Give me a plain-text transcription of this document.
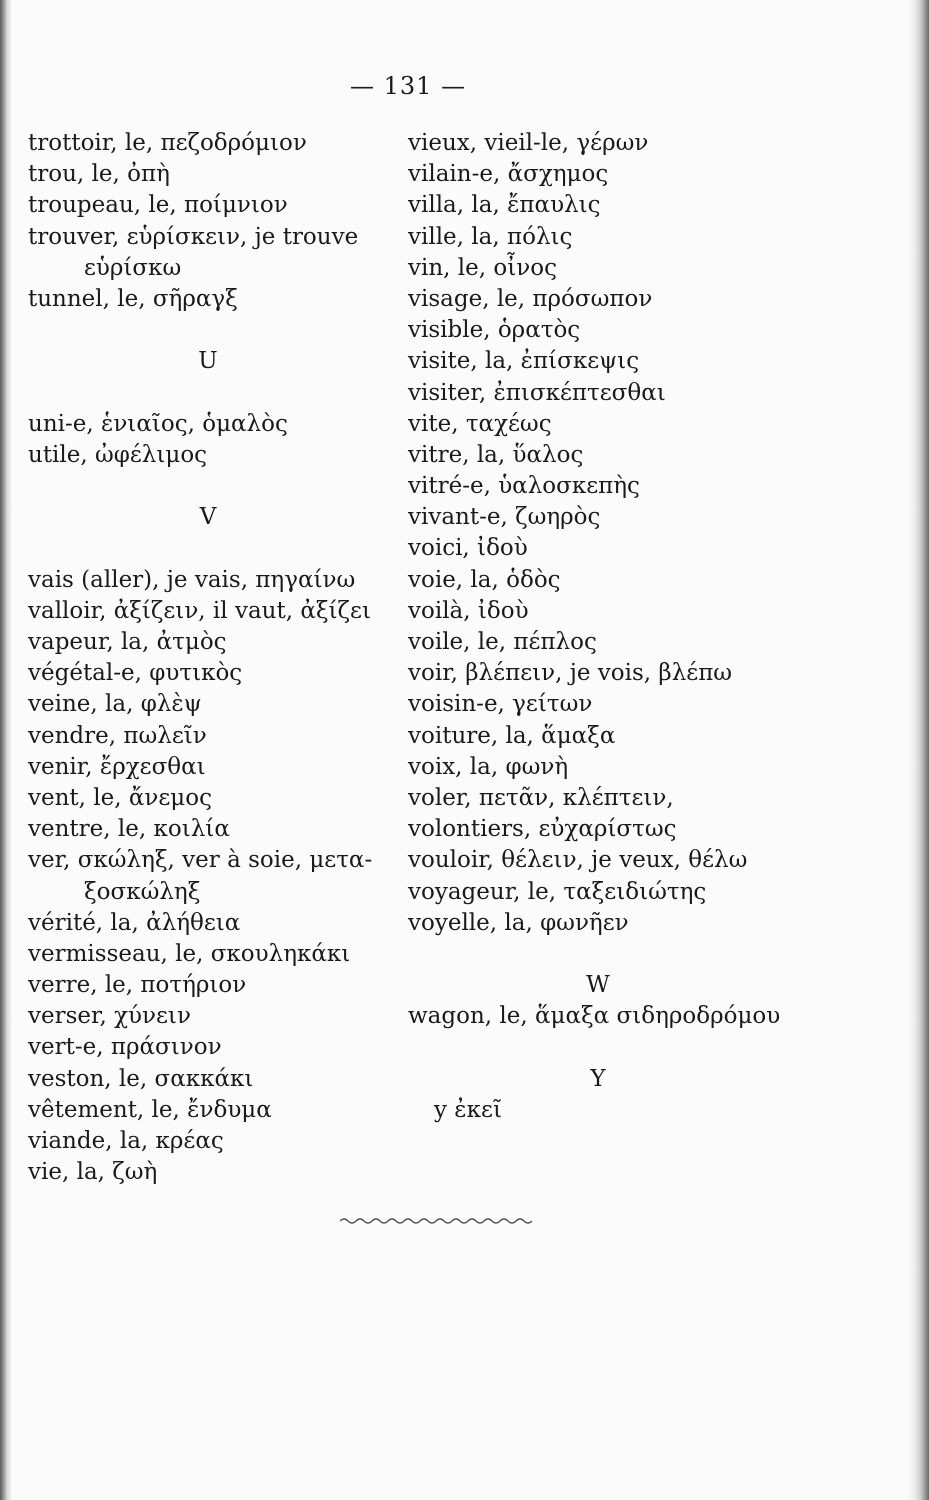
— 131 —
trottoir, le, πεζοδρόμιον
trou, le, ὀπὴ
troupeau, le, ποίμνιον
trouver, εὑρίσκειν, je trouve
εὑρίσκω
tunnel, le, σῆραγξ
U
uni-e, ἑνιαῖος, ὁμαλὸς
utile, ὠφέλιμος
V
vais (aller), je vais, πηγαίνω
valloir, ἀξίζειν, il vaut, ἀξίζει
vapeur, la, ἀτμὸς
végétal-e, φυτικὸς
veine, la, φλὲψ
vendre, πωλεῖν
venir, ἔρχεσθαι
vent, le, ἄνεμος
ventre, le, κοιλία
ver, σκώληξ, ver à soie, μετα-
ξοσκώληξ
vérité, la, ἀλήθεια
vermisseau, le, σκουληκάκι
verre, le, ποτήριον
verser, χύνειν
vert-e, πράσινον
veston, le, σακκάκι
vêtement, le, ἔνδυμα
viande, la, κρέας
vie, la, ζωὴ
vieux, vieil-le, γέρων
vilain-e, ἄσχημος
villa, la, ἔπαυλις
ville, la, πόλις
vin, le, οἶνος
visage, le, πρόσωπον
visible, ὁρατὸς
visite, la, ἐπίσκεψις
visiter, ἐπισκέπτεσθαι
vite, ταχέως
vitre, la, ὕαλος
vitré-e, ὑαλοσκεπὴς
vivant-e, ζωηρὸς
voici, ἰδοὺ
voie, la, ὁδὸς
voilà, ἰδοὺ
voile, le, πέπλος
voir, βλέπειν, je vois, βλέπω
voisin-e, γείτων
voiture, la, ἅμαξα
voix, la, φωνὴ
voler, πετᾶν, κλέπτειν,
volontiers, εὐχαρίστως
vouloir, θέλειν, je veux, θέλω
voyageur, le, ταξειδιώτης
voyelle, la, φωνῆεν
W
wagon, le, ἅμαξα σιδηροδρόμου
Y
y ἐκεῖ
